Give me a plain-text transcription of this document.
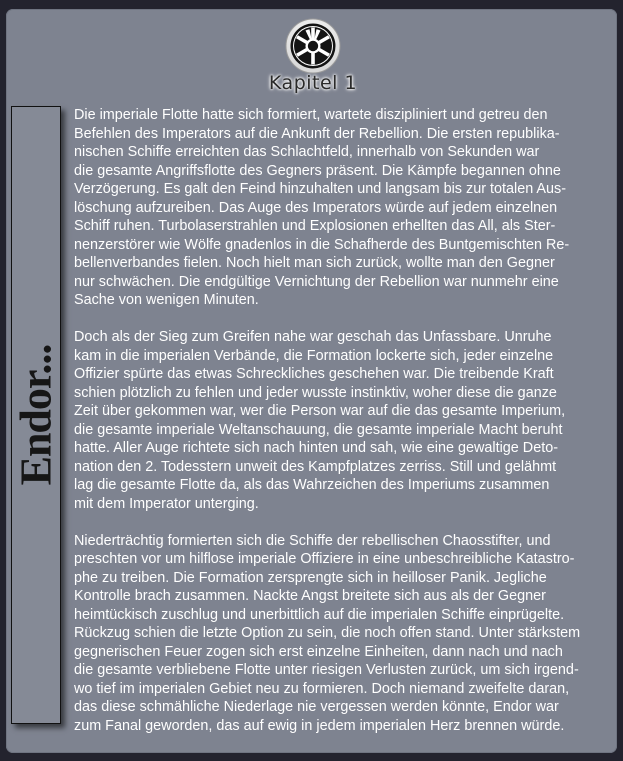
Kapitel 1
Endor...

Die imperiale Flotte hatte sich formiert, wartete diszipliniert und getreu den
Befehlen des Imperators auf die Ankunft der Rebellion. Die ersten republika-
nischen Schiffe erreichten das Schlachtfeld, innerhalb von Sekunden war
die gesamte Angriffsflotte des Gegners präsent. Die Kämpfe begannen ohne
Verzögerung. Es galt den Feind hinzuhalten und langsam bis zur totalen Aus-
löschung aufzureiben. Das Auge des Imperators würde auf jedem einzelnen
Schiff ruhen. Turbolaserstrahlen und Explosionen erhellten das All, als Ster-
nenzerstörer wie Wölfe gnadenlos in die Schafherde des Buntgemischten Re-
bellenverbandes fielen. Noch hielt man sich zurück, wollte man den Gegner
nur schwächen. Die endgültige Vernichtung der Rebellion war nunmehr eine
Sache von wenigen Minuten.

Doch als der Sieg zum Greifen nahe war geschah das Unfassbare. Unruhe
kam in die imperialen Verbände, die Formation lockerte sich, jeder einzelne
Offizier spürte das etwas Schreckliches geschehen war. Die treibende Kraft
schien plötzlich zu fehlen und jeder wusste instinktiv, woher diese die ganze
Zeit über gekommen war, wer die Person war auf die das gesamte Imperium,
die gesamte imperiale Weltanschauung, die gesamte imperiale Macht beruht
hatte. Aller Auge richtete sich nach hinten und sah, wie eine gewaltige Deto-
nation den 2. Todesstern unweit des Kampfplatzes zerriss. Still und gelähmt
lag die gesamte Flotte da, als das Wahrzeichen des Imperiums zusammen
mit dem Imperator unterging.

Niederträchtig formierten sich die Schiffe der rebellischen Chaosstifter, und
preschten vor um hilflose imperiale Offiziere in eine unbeschreibliche Katastro-
phe zu treiben. Die Formation zersprengte sich in heilloser Panik. Jegliche
Kontrolle brach zusammen. Nackte Angst breitete sich aus als der Gegner
heimtückisch zuschlug und unerbittlich auf die imperialen Schiffe einprügelte.
Rückzug schien die letzte Option zu sein, die noch offen stand. Unter stärkstem
gegnerischen Feuer zogen sich erst einzelne Einheiten, dann nach und nach
die gesamte verbliebene Flotte unter riesigen Verlusten zurück, um sich irgend-
wo tief im imperialen Gebiet neu zu formieren. Doch niemand zweifelte daran,
das diese schmähliche Niederlage nie vergessen werden könnte, Endor war
zum Fanal geworden, das auf ewig in jedem imperialen Herz brennen würde.
